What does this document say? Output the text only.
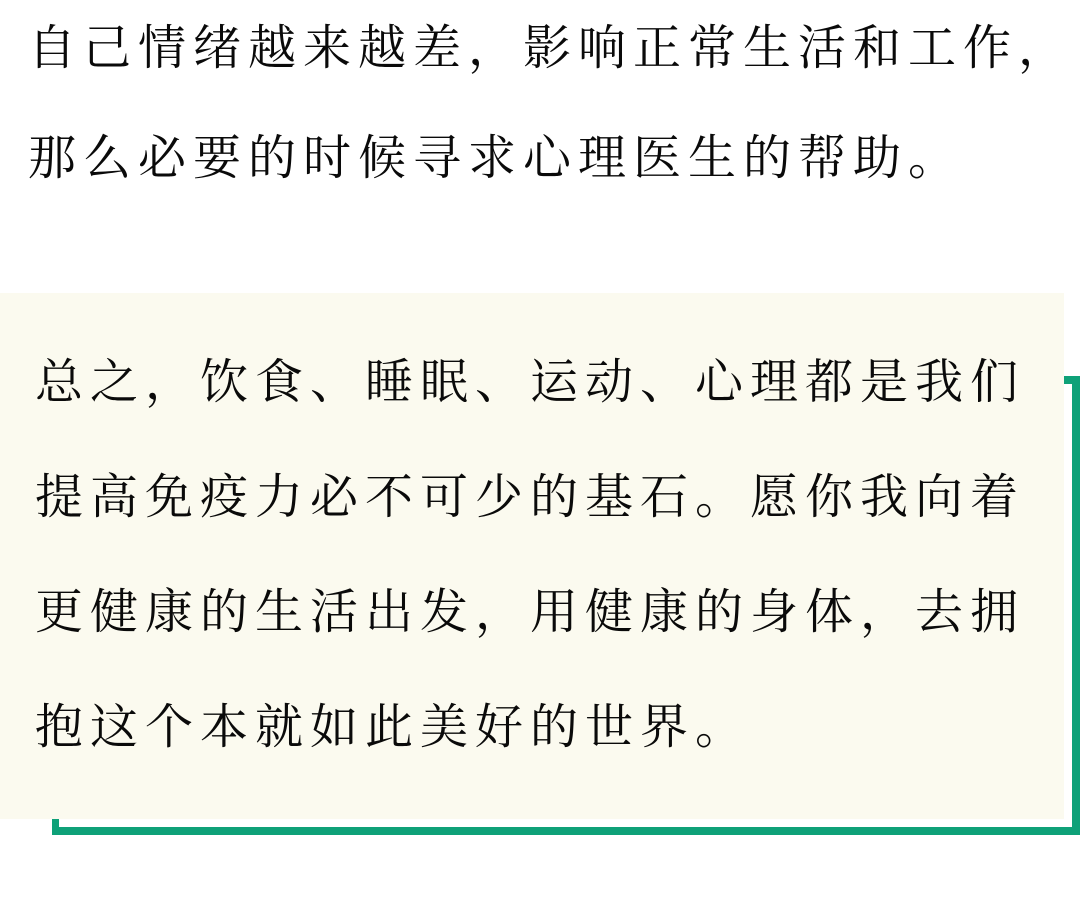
自己情绪越来越差，影响正常生活和工作，
那么必要的时候寻求心理医生的帮助。
总之，饮食、睡眠、运动、心理都是我们
提高免疫力必不可少的基石。愿你我向着
更健康的生活出发，用健康的身体，去拥
抱这个本就如此美好的世界。
